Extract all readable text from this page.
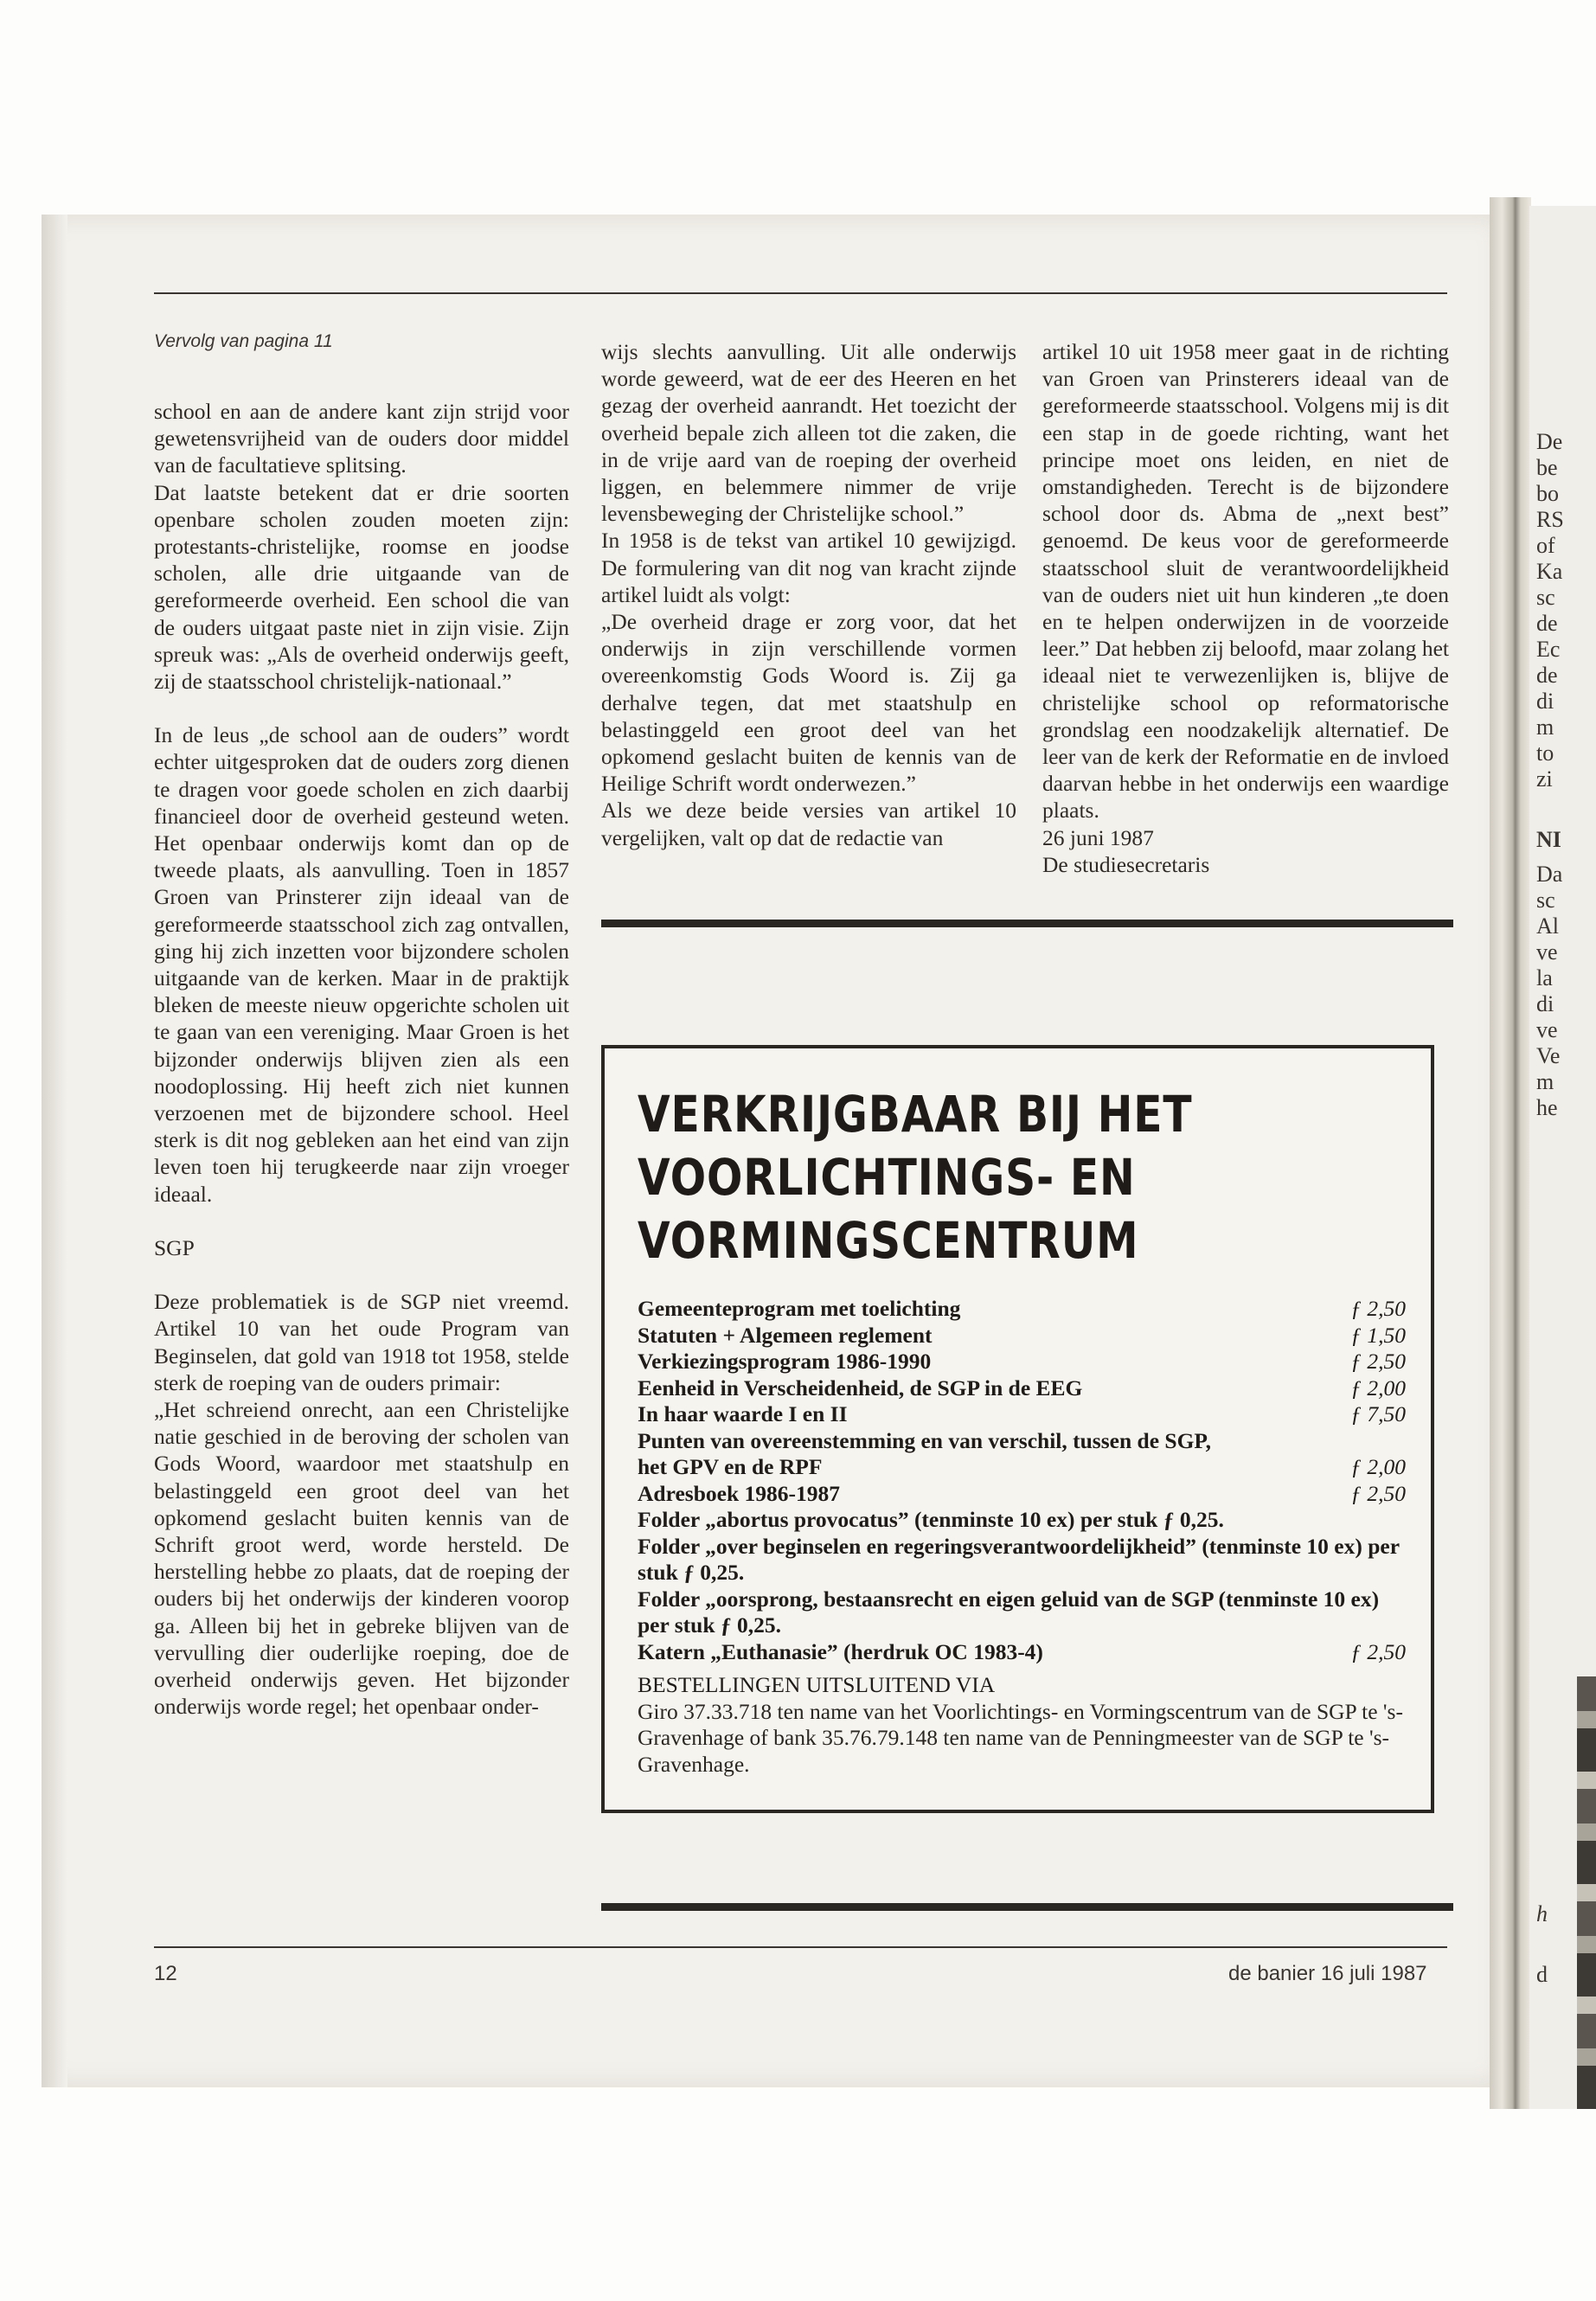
De
be
bo
RS
of
Ka
sc
de
Ec
de
di
m
to
zi
NI
Da
sc
Al
ve
la
di
ve
Ve
m
he
h
d
Vervolg van pagina 11

school en aan de andere kant zijn strijd voor gewetensvrijheid van de ouders door middel van de facultatieve splitsing.

Dat laatste betekent dat er drie soorten openbare scholen zouden moeten zijn: protestants-christelijke, roomse en joodse scholen, alle drie uitgaande van de gereformeerde overheid. Een school die van de ouders uitgaat paste niet in zijn visie. Zijn spreuk was: „Als de overheid onderwijs geeft, zij de staatsschool christelijk-nationaal.”

In de leus „de school aan de ouders” wordt echter uitgesproken dat de ouders zorg dienen te dragen voor goede scholen en zich daarbij financieel door de overheid gesteund weten. Het openbaar onderwijs komt dan op de tweede plaats, als aanvulling. Toen in 1857 Groen van Prinsterer zijn ideaal van de gereformeerde staatsschool zich zag ontvallen, ging hij zich inzetten voor bijzondere scholen uitgaande van de kerken. Maar in de praktijk bleken de meeste nieuw opgerichte scholen uit te gaan van een vereniging. Maar Groen is het bijzonder onderwijs blijven zien als een noodoplossing. Hij heeft zich niet kunnen verzoenen met de bijzondere school. Heel sterk is dit nog gebleken aan het eind van zijn leven toen hij terugkeerde naar zijn vroeger ideaal.

SGP

Deze problematiek is de SGP niet vreemd. Artikel 10 van het oude Program van Beginselen, dat gold van 1918 tot 1958, stelde sterk de roeping van de ouders primair:

„Het schreiend onrecht, aan een Christelijke natie geschied in de beroving der scholen van Gods Woord, waardoor met staatshulp en belastinggeld een groot deel van het opkomend geslacht buiten kennis van de Schrift groot werd, worde hersteld. De herstelling hebbe zo plaats, dat de roeping der ouders bij het onderwijs der kinderen voorop ga. Alleen bij het in gebreke blijven van de vervulling dier ouderlijke roeping, doe de overheid onderwijs geven. Het bijzonder onderwijs worde regel; het openbaar onder-

wijs slechts aanvulling. Uit alle onderwijs worde geweerd, wat de eer des Heeren en het gezag der overheid aanrandt. Het toezicht der overheid bepale zich alleen tot die zaken, die in de vrije aard van de roeping der overheid liggen, en belemmere nimmer de vrije levensbeweging der Christelijke school.”

In 1958 is de tekst van artikel 10 gewijzigd. De formulering van dit nog van kracht zijnde artikel luidt als volgt:

„De overheid drage er zorg voor, dat het onderwijs in zijn verschillende vormen overeenkomstig Gods Woord is. Zij ga derhalve tegen, dat met staatshulp en belastinggeld een groot deel van het opkomend geslacht buiten de kennis van de Heilige Schrift wordt onderwezen.”

Als we deze beide versies van artikel 10 vergelijken, valt op dat de redactie van

artikel 10 uit 1958 meer gaat in de richting van Groen van Prinsterers ideaal van de gereformeerde staatsschool. Volgens mij is dit een stap in de goede richting, want het principe moet ons leiden, en niet de omstandigheden. Terecht is de bijzondere school door ds. Abma de „next best” genoemd. De keus voor de gereformeerde staatsschool sluit de verantwoordelijkheid van de ouders niet uit hun kinderen „te doen en te helpen onderwijzen in de voorzeide leer.” Dat hebben zij beloofd, maar zolang het ideaal niet te verwezenlijken is, blijve de christelijke school op reformatorische grondslag een noodzakelijk alternatief. De leer van de kerk der Reformatie en de invloed daarvan hebbe in het onderwijs een waardige plaats.

26 juni 1987

De studiesecretaris

VERKRIJGBAAR BIJ HET
VOORLICHTINGS- EN
VORMINGSCENTRUM
Gemeenteprogram met toelichting	ƒ 2,50
Statuten + Algemeen reglement	ƒ 1,50
Verkiezingsprogram 1986-1990	ƒ 2,50
Eenheid in Verscheidenheid, de SGP in de EEG	ƒ 2,00
In haar waarde I en II	ƒ 7,50
Punten van overeenstemming en van verschil, tussen de SGP,
het GPV en de RPF	ƒ 2,00
Adresboek 1986-1987	ƒ 2,50
Folder „abortus provocatus” (tenminste 10 ex) per stuk ƒ 0,25.
Folder „over beginselen en regeringsverantwoordelijkheid” (tenminste 10 ex) per stuk ƒ 0,25.
Folder „oorsprong, bestaansrecht en eigen geluid van de SGP (tenminste 10 ex) per stuk ƒ 0,25.
Katern „Euthanasie” (herdruk OC 1983-4)	ƒ 2,50
BESTELLINGEN UITSLUITEND VIA
Giro 37.33.718 ten name van het Voorlichtings- en Vormingscentrum van de SGP te 's-Gravenhage of bank 35.76.79.148 ten name van de Penningmeester van de SGP te 's-Gravenhage.
12	de banier 16 juli 1987
